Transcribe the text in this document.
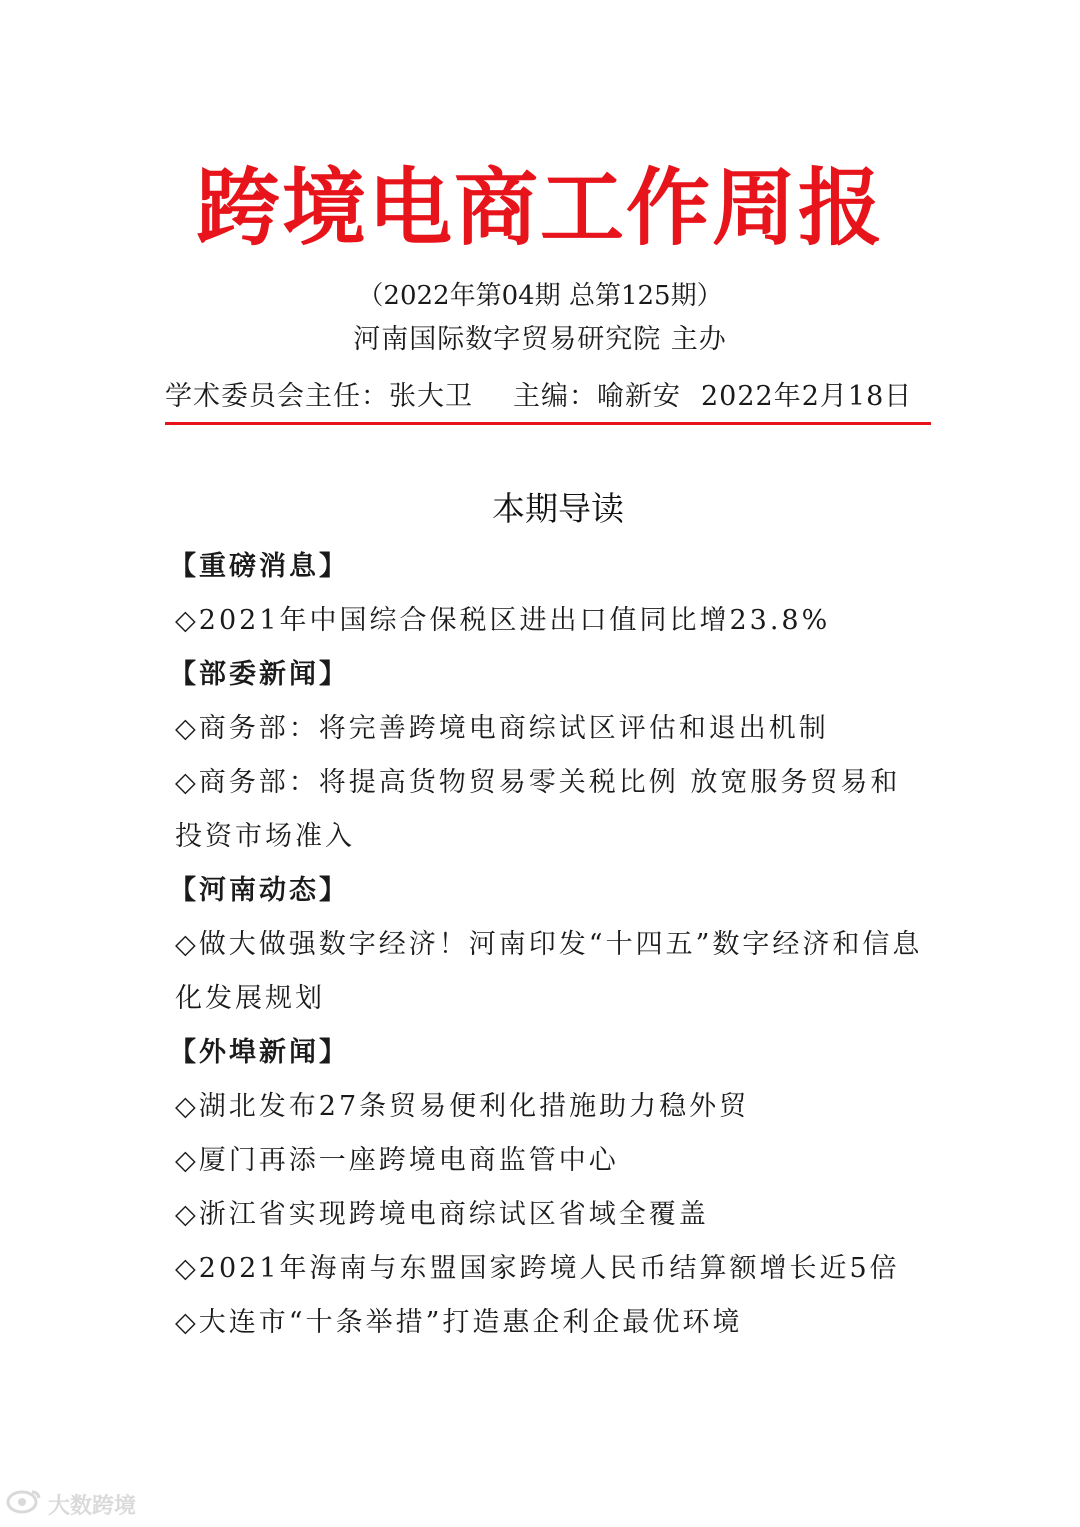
跨境电商工作周报
（2022年第04期 总第125期）
河南国际数字贸易研究院 主办
学术委员会主任：张大卫 主编：喻新安 2022年2月18日
本期导读
【重磅消息】
◇2021年中国综合保税区进出口值同比增23.8%
【部委新闻】
◇商务部：将完善跨境电商综试区评估和退出机制
◇商务部：将提高货物贸易零关税比例 放宽服务贸易和投资市场准入
【河南动态】
◇做大做强数字经济！河南印发“十四五”数字经济和信息化发展规划
【外埠新闻】
◇湖北发布27条贸易便利化措施助力稳外贸
◇厦门再添一座跨境电商监管中心
◇浙江省实现跨境电商综试区省域全覆盖
◇2021年海南与东盟国家跨境人民币结算额增长近5倍
◇大连市“十条举措”打造惠企利企最优环境
大数跨境
